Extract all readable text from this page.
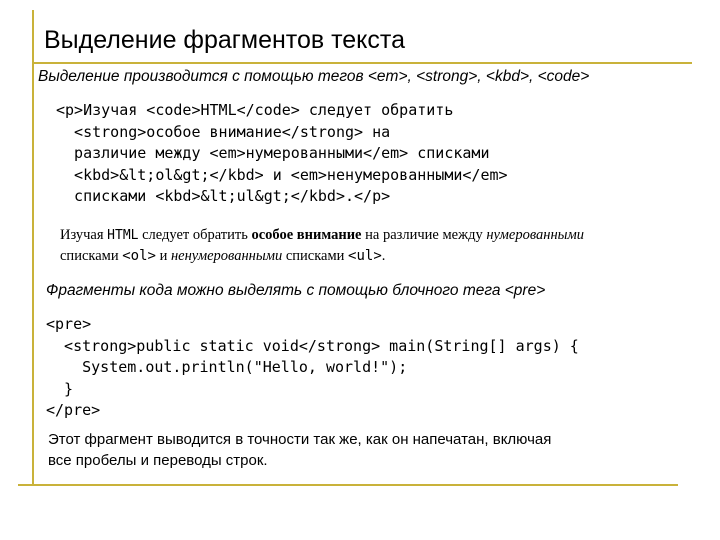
Выделение фрагментов текста
Выделение производится с помощью тегов <em>, <strong>, <kbd>, <code>
<p>Изучая <code>HTML</code> следует обратить
<strong>особое внимание</strong> на
различие между <em>нумерованными</em> списками
<kbd>&lt;ol&gt;</kbd> и <em>ненумерованными</em>
списками <kbd>&lt;ul&gt;</kbd>.</p>
Изучая HTML следует обратить особое внимание на различие между нумерованными списками <ol> и ненумерованными списками <ul>.
Фрагменты кода можно выделять с помощью блочного тега <pre>
<pre>
<strong>public static void</strong> main(String[] args) {
System.out.println("Hello, world!");
}
</pre>
Этот фрагмент выводится в точности так же, как он напечатан, включая
все пробелы и переводы строк.
